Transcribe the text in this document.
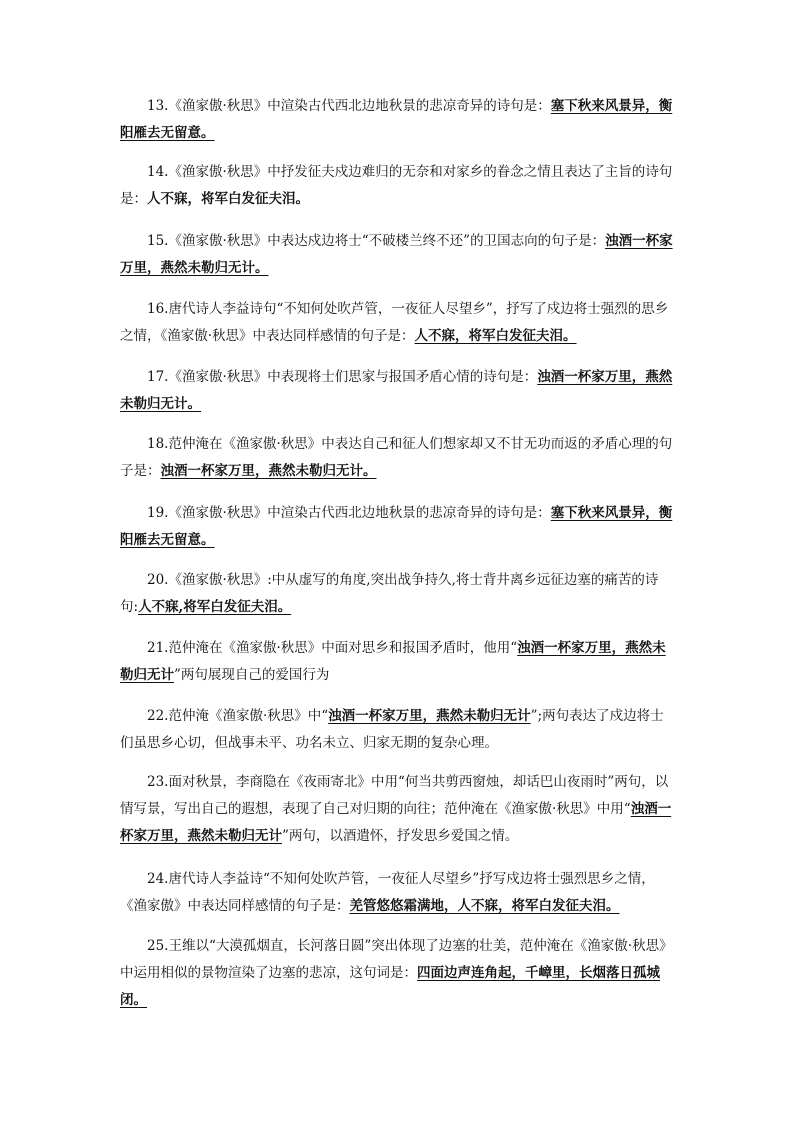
13.《渔家傲·秋思》中渲染古代西北边地秋景的悲凉奇异的诗句是：塞下秋来风景异，衡阳雁去无留意。
14.《渔家傲·秋思》中抒发征夫戍边难归的无奈和对家乡的眷念之情且表达了主旨的诗句是：人不寐，将军白发征夫泪。
15.《渔家傲·秋思》中表达戍边将士“不破楼兰终不还”的卫国志向的句子是：浊酒一杯家万里，燕然未勒归无计。
16.唐代诗人李益诗句“不知何处吹芦管，一夜征人尽望乡”，抒写了戍边将士强烈的思乡之情，《渔家傲·秋思》中表达同样感情的句子是：人不寐，将军白发征夫泪。
17.《渔家傲·秋思》中表现将士们思家与报国矛盾心情的诗句是：浊酒一杯家万里，燕然未勒归无计。
18.范仲淹在《渔家傲·秋思》中表达自己和征人们想家却又不甘无功而返的矛盾心理的句子是：浊酒一杯家万里，燕然未勒归无计。
19.《渔家傲·秋思》中渲染古代西北边地秋景的悲凉奇异的诗句是：塞下秋来风景异，衡阳雁去无留意。
20.《渔家傲·秋思》:中从虚写的角度,突出战争持久,将士背井离乡远征边塞的痛苦的诗句:人不寐,将军白发征夫泪。
21.范仲淹在《渔家傲·秋思》中面对思乡和报国矛盾时，他用“浊酒一杯家万里，燕然未勒归无计”两句展现自己的爱国行为
22.范仲淹《渔家傲·秋思》中“浊酒一杯家万里，燕然未勒归无计”;两句表达了戍边将士们虽思乡心切，但战事未平、功名未立、归家无期的复杂心理。
23.面对秋景，李商隐在《夜雨寄北》中用“何当共剪西窗烛，却话巴山夜雨时”两句，以情写景，写出自己的遐想，表现了自己对归期的向往；范仲淹在《渔家傲·秋思》中用“浊酒一杯家万里，燕然未勒归无计”两句，以酒遣怀，抒发思乡爱国之情。
24.唐代诗人李益诗“不知何处吹芦管，一夜征人尽望乡”抒写戍边将士强烈思乡之情，《渔家傲》中表达同样感情的句子是：羌管悠悠霜满地，人不寐，将军白发征夫泪。
25.王维以“大漠孤烟直，长河落日圆”突出体现了边塞的壮美，范仲淹在《渔家傲·秋思》中运用相似的景物渲染了边塞的悲凉，这句词是：四面边声连角起，千嶂里，长烟落日孤城闭。
